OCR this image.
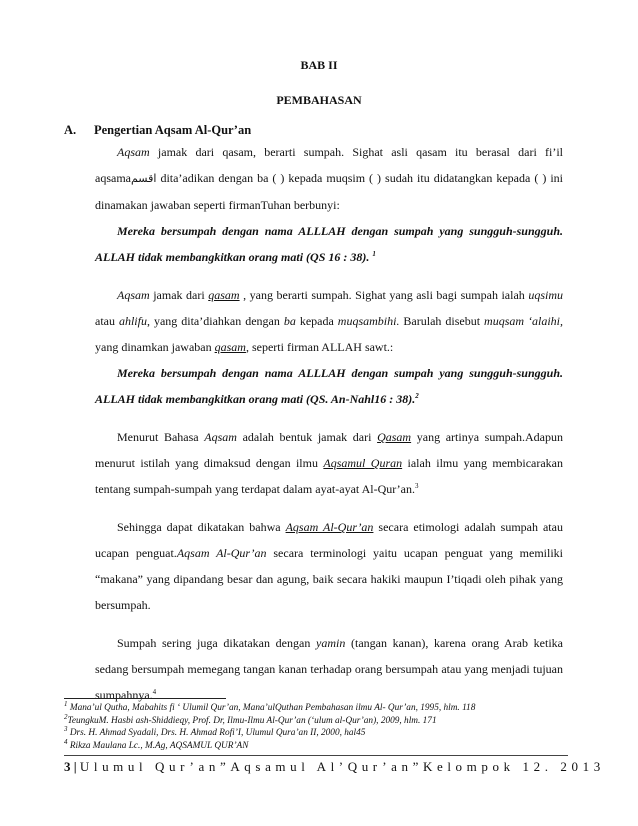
BAB II
PEMBAHASAN
A. Pengertian Aqsam Al-Qur’an

Aqsam jamak dari qasam, berarti sumpah. Sighat asli qasam itu berasal dari fi’il aqsamaاقسم dita’adikan dengan ba ( ) kepada muqsim ( ) sudah itu didatangkan kepada ( ) ini dinamakan jawaban seperti firmanTuhan berbunyi:

Mereka bersumpah dengan nama ALLLAH dengan sumpah yang sungguh-sungguh. ALLAH tidak membangkitkan orang mati (QS 16 : 38). $^1$

Aqsam jamak dari qasam , yang berarti sumpah. Sighat yang asli bagi sumpah ialah uqsimu atau ahlifu, yang dita’diahkan dengan ba kepada muqsambihi. Barulah disebut muqsam ‘alaihi, yang dinamkan jawaban qasam, seperti firman ALLAH sawt.:

Mereka bersumpah dengan nama ALLLAH dengan sumpah yang sungguh-sungguh. ALLAH tidak membangkitkan orang mati (QS. An-Nahl16 : 38).$^2$

Menurut Bahasa Aqsam adalah bentuk jamak dari Qasam yang artinya sumpah.Adapun menurut istilah yang dimaksud dengan ilmu Aqsamul Quran ialah ilmu yang membicarakan tentang sumpah-sumpah yang terdapat dalam ayat-ayat Al-Qur’an.$^3$

Sehingga dapat dikatakan bahwa Aqsam Al-Qur’an secara etimologi adalah sumpah atau ucapan penguat.Aqsam Al-Qur’an secara terminologi yaitu ucapan penguat yang memiliki “makana” yang dipandang besar dan agung, baik secara hakiki maupun I’tiqadi oleh pihak yang bersumpah.

Sumpah sering juga dikatakan dengan yamin (tangan kanan), karena orang Arab ketika sedang bersumpah memegang tangan kanan terhadap orang bersumpah atau yang menjadi tujuan sumpahnya.$^4$

$^1$ Mana’ul Qutha, Mabahits fi ‘ Ulumil Qur’an, Mana’ulQuthan Pembahasan ilmu Al- Qur’an, 1995, hlm. 118
$^2$TeungkuM. Hasbi ash-Shiddieqy, Prof. Dr, Ilmu-Ilmu Al-Qur’an (‘ulum al-Qur’an), 2009, hlm. 171
$^3$ Drs. H. Ahmad Syadali, Drs. H. Ahmad Rofi’I, Ulumul Qura’an II, 2000, hal45
$^4$ Rikza Maulana Lc., M.Ag, AQSAMUL QUR’AN
3 | Ulumul Qur’an”Aqsamul Al’Qur’an”Kelompok 12. 2013
